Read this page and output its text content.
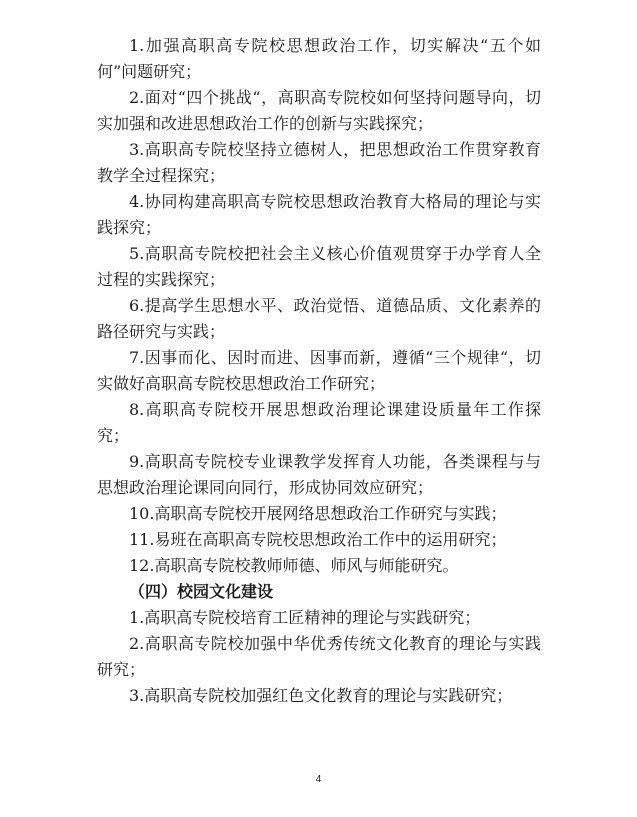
1.加强高职高专院校思想政治工作，切实解决“五个如何”问题研究；

2.面对“四个挑战“，高职高专院校如何坚持问题导向，切实加强和改进思想政治工作的创新与实践探究；

3.高职高专院校坚持立德树人，把思想政治工作贯穿教育教学全过程探究；

4.协同构建高职高专院校思想政治教育大格局的理论与实践探究；

5.高职高专院校把社会主义核心价值观贯穿于办学育人全过程的实践探究；

6.提高学生思想水平、政治觉悟、道德品质、文化素养的路径研究与实践；

7.因事而化、因时而进、因事而新，遵循“三个规律“，切实做好高职高专院校思想政治工作研究；

8.高职高专院校开展思想政治理论课建设质量年工作探究；

9.高职高专院校专业课教学发挥育人功能，各类课程与与思想政治理论课同向同行，形成协同效应研究；

10.高职高专院校开展网络思想政治工作研究与实践；

11.易班在高职高专院校思想政治工作中的运用研究；

12.高职高专院校教师师德、师风与师能研究。

（四）校园文化建设

1.高职高专院校培育工匠精神的理论与实践研究；

2.高职高专院校加强中华优秀传统文化教育的理论与实践研究；

3.高职高专院校加强红色文化教育的理论与实践研究；

4
